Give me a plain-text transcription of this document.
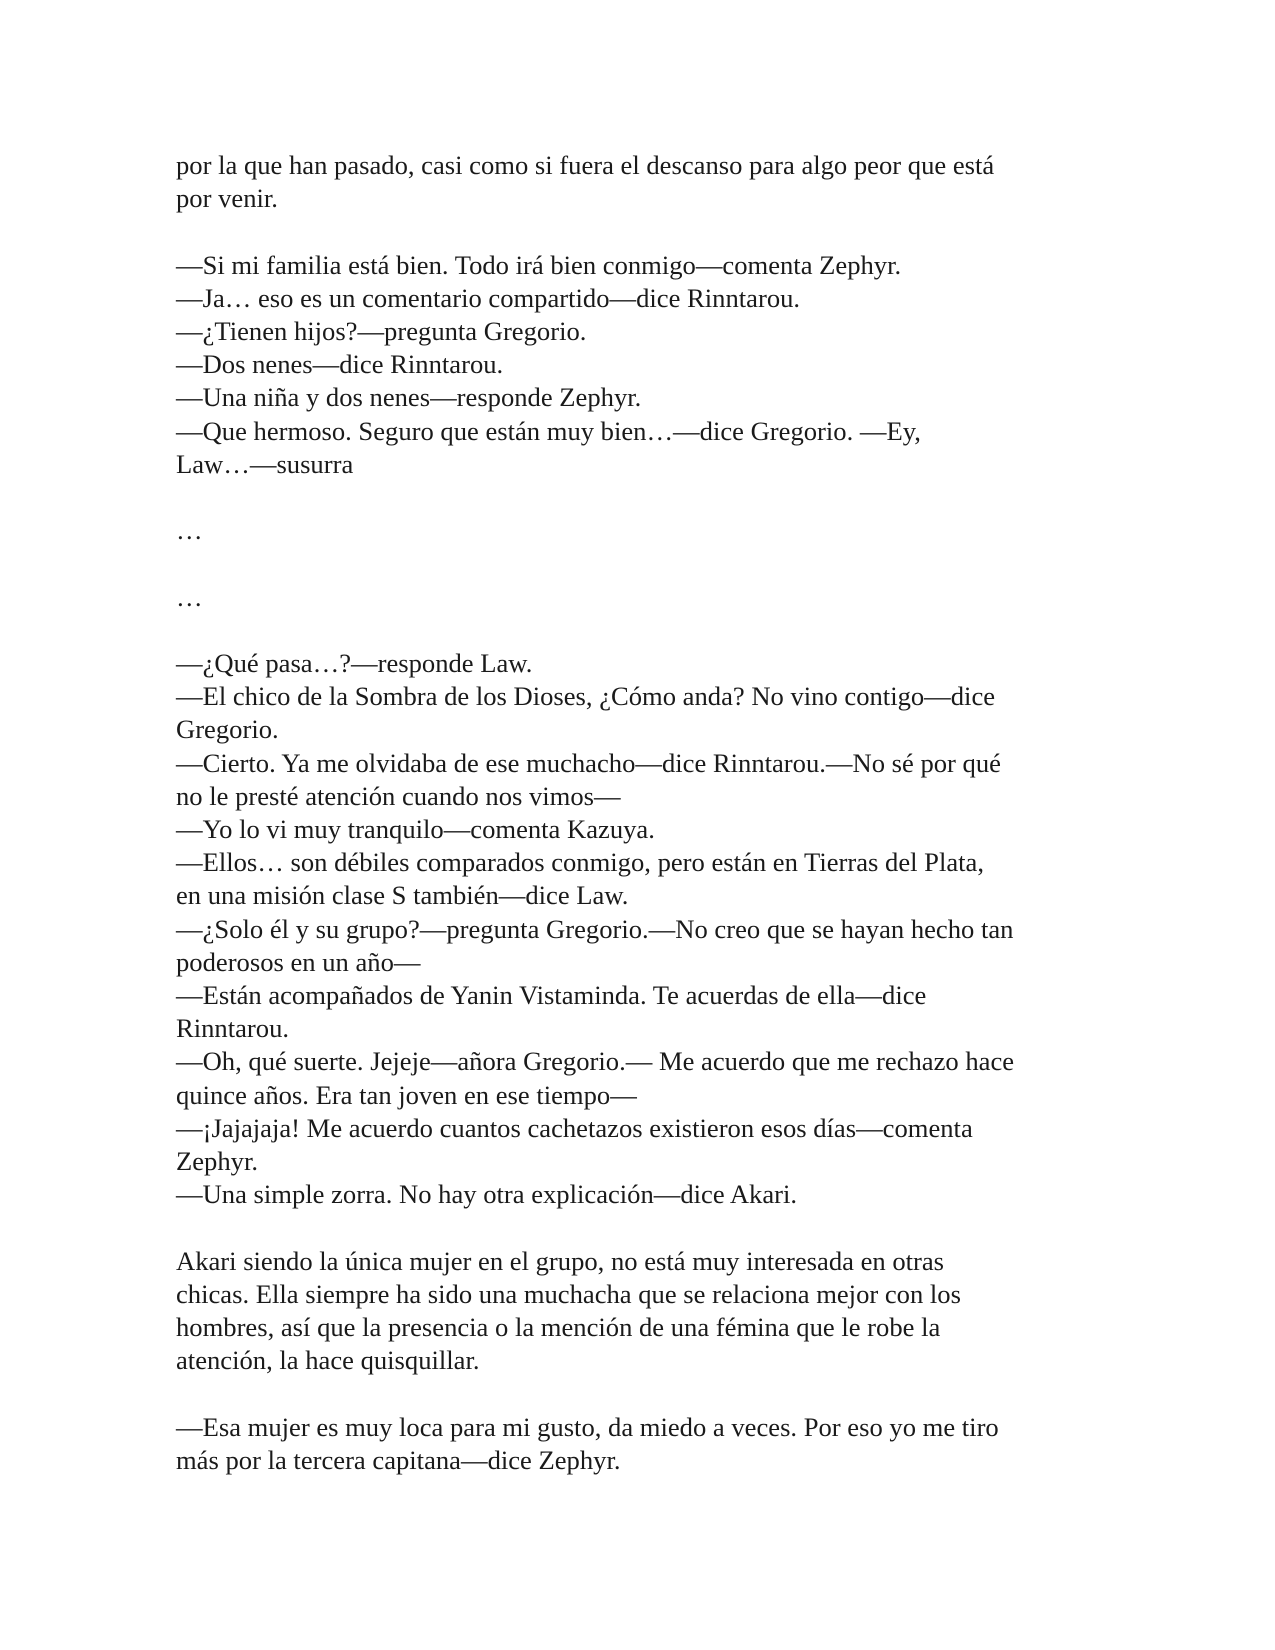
por la que han pasado, casi como si fuera el descanso para algo peor que está
por venir.
—Si mi familia está bien. Todo irá bien conmigo—comenta Zephyr.
—Ja… eso es un comentario compartido—dice Rinntarou.
—¿Tienen hijos?—pregunta Gregorio.
—Dos nenes—dice Rinntarou.
—Una niña y dos nenes—responde Zephyr.
—Que hermoso. Seguro que están muy bien…—dice Gregorio. —Ey,
Law…—susurra
…
…
—¿Qué pasa…?—responde Law.
—El chico de la Sombra de los Dioses, ¿Cómo anda? No vino contigo—dice
Gregorio.
—Cierto. Ya me olvidaba de ese muchacho—dice Rinntarou.—No sé por qué
no le presté atención cuando nos vimos—
—Yo lo vi muy tranquilo—comenta Kazuya.
—Ellos… son débiles comparados conmigo, pero están en Tierras del Plata,
en una misión clase S también—dice Law.
—¿Solo él y su grupo?—pregunta Gregorio.—No creo que se hayan hecho tan
poderosos en un año—
—Están acompañados de Yanin Vistaminda. Te acuerdas de ella—dice
Rinntarou.
—Oh, qué suerte. Jejeje—añora Gregorio.— Me acuerdo que me rechazo hace
quince años. Era tan joven en ese tiempo—
—¡Jajajaja! Me acuerdo cuantos cachetazos existieron esos días—comenta
Zephyr.
—Una simple zorra. No hay otra explicación—dice Akari.
Akari siendo la única mujer en el grupo, no está muy interesada en otras
chicas. Ella siempre ha sido una muchacha que se relaciona mejor con los
hombres, así que la presencia o la mención de una fémina que le robe la
atención, la hace quisquillar.
—Esa mujer es muy loca para mi gusto, da miedo a veces. Por eso yo me tiro
más por la tercera capitana—dice Zephyr.
